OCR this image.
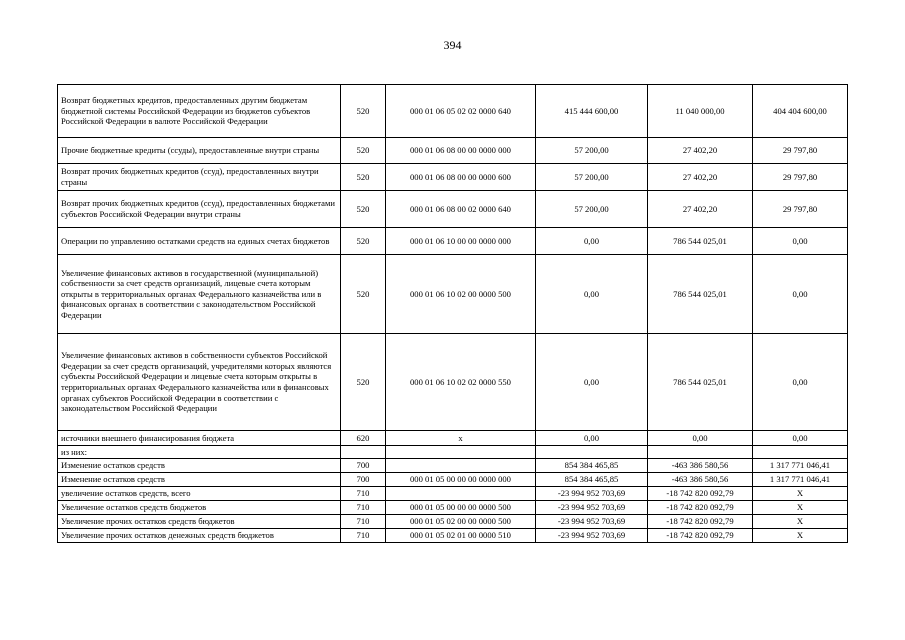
394
Возврат бюджетных кредитов, предоставленных другим бюджетам бюджетной системы Российской Федерации из бюджетов субъектов Российской Федерации в валюте Российской Федерации	520	000 01 06 05 02 02 0000 640	415 444 600,00	11 040 000,00	404 404 600,00
Прочие бюджетные кредиты (ссуды), предоставленные внутри страны	520	000 01 06 08 00 00 0000 000	57 200,00	27 402,20	29 797,80
Возврат прочих бюджетных кредитов (ссуд), предоставленных внутри страны	520	000 01 06 08 00 00 0000 600	57 200,00	27 402,20	29 797,80
Возврат прочих бюджетных кредитов (ссуд), предоставленных бюджетами субъектов Российской Федерации внутри страны	520	000 01 06 08 00 02 0000 640	57 200,00	27 402,20	29 797,80
Операции по управлению остатками средств на единых счетах бюджетов	520	000 01 06 10 00 00 0000 000	0,00	786 544 025,01	0,00
Увеличение финансовых активов в государственной (муниципальной) собственности за счет средств организаций, лицевые счета которым открыты в территориальных органах Федерального казначейства или в финансовых органах в соответствии с законодательством Российской Федерации	520	000 01 06 10 02 00 0000 500	0,00	786 544 025,01	0,00
Увеличение финансовых активов в собственности субъектов Российской Федерации за счет средств организаций, учредителями которых являются субъекты Российской Федерации и лицевые счета которым открыты в территориальных органах Федерального казначейства или в финансовых органах субъектов Российской Федерации в соответствии с законодательством Российской Федерации	520	000 01 06 10 02 02 0000 550	0,00	786 544 025,01	0,00
источники внешнего финансирования бюджета	620	x	0,00	0,00	0,00
из них:					
Изменение остатков средств	700		854 384 465,85	-463 386 580,56	1 317 771 046,41
Изменение остатков средств	700	000 01 05 00 00 00 0000 000	854 384 465,85	-463 386 580,56	1 317 771 046,41
увеличение остатков средств, всего	710		-23 994 952 703,69	-18 742 820 092,79	X
Увеличение остатков средств бюджетов	710	000 01 05 00 00 00 0000 500	-23 994 952 703,69	-18 742 820 092,79	X
Увеличение прочих остатков средств бюджетов	710	000 01 05 02 00 00 0000 500	-23 994 952 703,69	-18 742 820 092,79	X
Увеличение прочих остатков денежных средств бюджетов	710	000 01 05 02 01 00 0000 510	-23 994 952 703,69	-18 742 820 092,79	X
